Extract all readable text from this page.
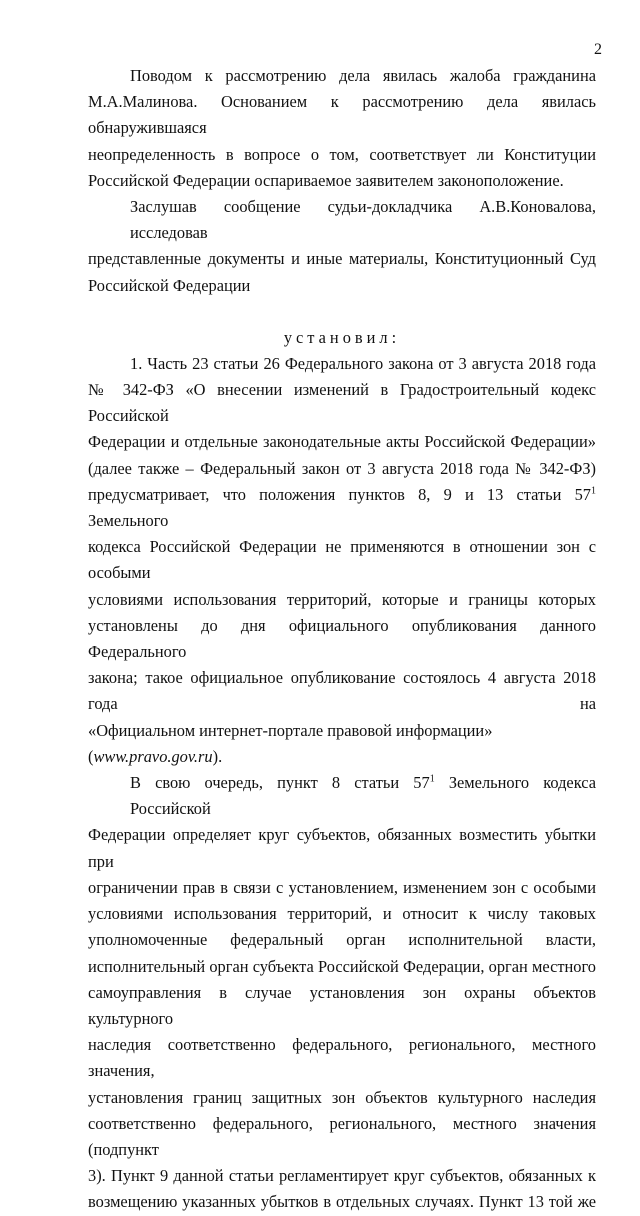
2
Поводом к рассмотрению дела явилась жалоба гражданина
М.А.Малинова. Основанием к рассмотрению дела явилась обнаружившаяся
неопределенность в вопросе о том, соответствует ли Конституции
Российской Федерации оспариваемое заявителем законоположение.
Заслушав сообщение судьи-докладчика А.В.Коноваловa, исследовав
представленные документы и иные материалы, Конституционный Суд
Российской Федерации
установил:
1. Часть 23 статьи 26 Федерального закона от 3 августа 2018 года
№ 342-ФЗ «О внесении изменений в Градостроительный кодекс Российской
Федерации и отдельные законодательные акты Российской Федерации»
(далее также – Федеральный закон от 3 августа 2018 года № 342-ФЗ)
предусматривает, что положения пунктов 8, 9 и 13 статьи $57^1$ Земельного
кодекса Российской Федерации не применяются в отношении зон с особыми
условиями использования территорий, которые и границы которых
установлены до дня официального опубликования данного Федерального
закона; такое официальное опубликование состоялось 4 августа 2018 года на
«Официальном интернет-портале правовой информации» (www.pravo.gov.ru).
В свою очередь, пункт 8 статьи $57^1$ Земельного кодекса Российской
Федерации определяет круг субъектов, обязанных возместить убытки при
ограничении прав в связи с установлением, изменением зон с особыми
условиями использования территорий, и относит к числу таковых
уполномоченные федеральный орган исполнительной власти,
исполнительный орган субъекта Российской Федерации, орган местного
самоуправления в случае установления зон охраны объектов культурного
наследия соответственно федерального, регионального, местного значения,
установления границ защитных зон объектов культурного наследия
соответственно федерального, регионального, местного значения (подпункт
3). Пункт 9 данной статьи регламентирует круг субъектов, обязанных к
возмещению указанных убытков в отдельных случаях. Пункт 13 той же
